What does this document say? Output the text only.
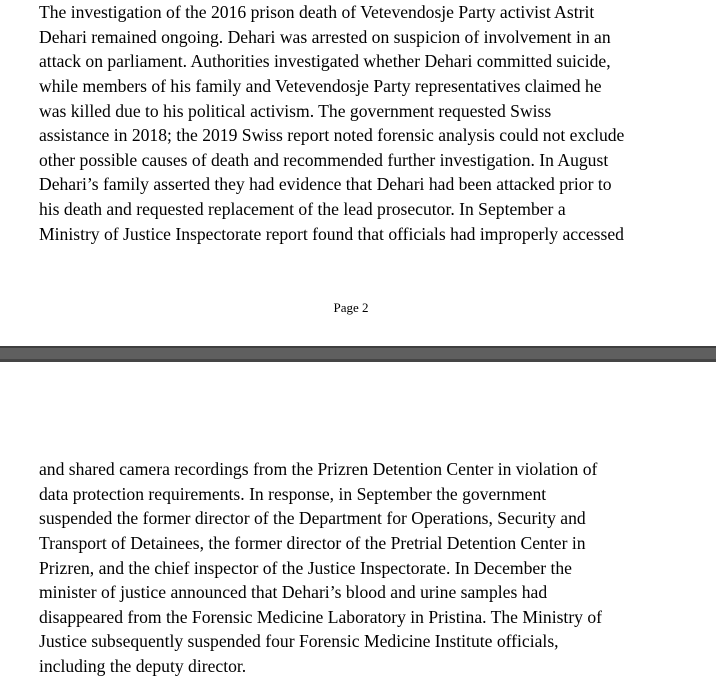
The investigation of the 2016 prison death of Vetevendosje Party activist Astrit
Dehari remained ongoing. Dehari was arrested on suspicion of involvement in an
attack on parliament. Authorities investigated whether Dehari committed suicide,
while members of his family and Vetevendosje Party representatives claimed he
was killed due to his political activism. The government requested Swiss
assistance in 2018; the 2019 Swiss report noted forensic analysis could not exclude
other possible causes of death and recommended further investigation. In August
Dehari’s family asserted they had evidence that Dehari had been attacked prior to
his death and requested replacement of the lead prosecutor. In September a
Ministry of Justice Inspectorate report found that officials had improperly accessed
Page 2
and shared camera recordings from the Prizren Detention Center in violation of
data protection requirements. In response, in September the government
suspended the former director of the Department for Operations, Security and
Transport of Detainees, the former director of the Pretrial Detention Center in
Prizren, and the chief inspector of the Justice Inspectorate. In December the
minister of justice announced that Dehari’s blood and urine samples had
disappeared from the Forensic Medicine Laboratory in Pristina. The Ministry of
Justice subsequently suspended four Forensic Medicine Institute officials,
including the deputy director.
